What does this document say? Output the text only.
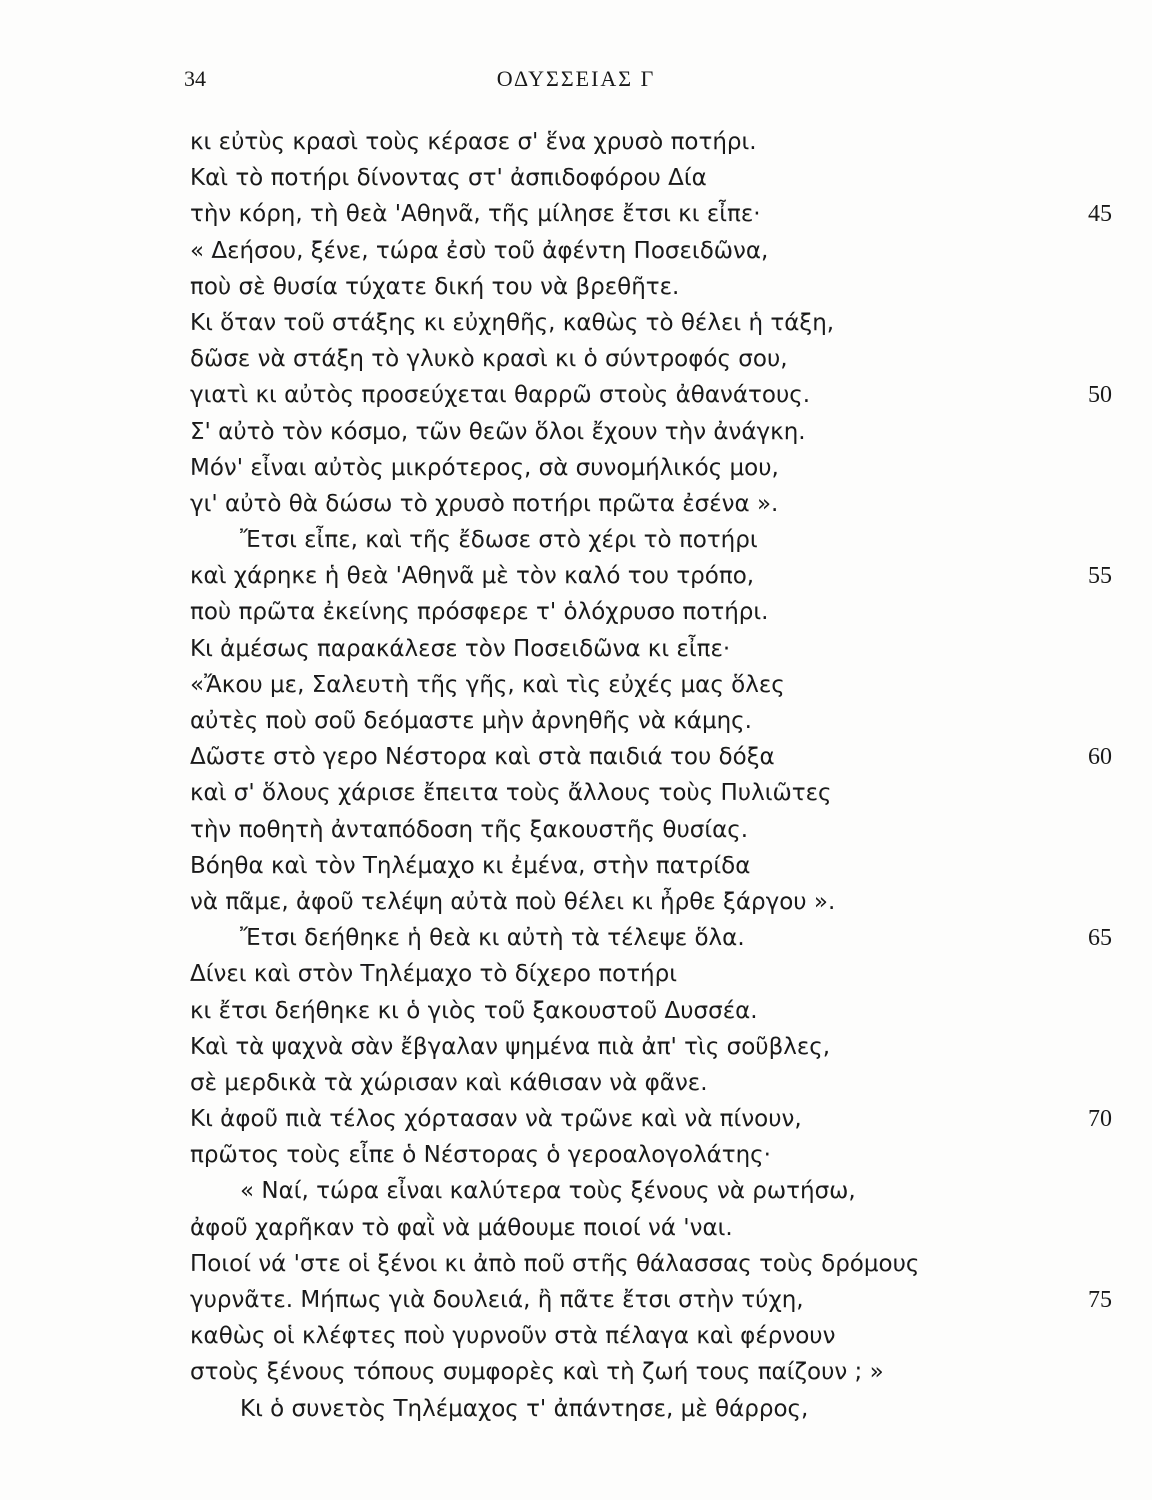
34	ΟΔΥΣΣΕΙΑΣ Γ
κι εὐτὺς κρασὶ τοὺς κέρασε σ' ἕνα χρυσὸ ποτήρι.
Καὶ τὸ ποτήρι δίνοντας στ' ἀσπιδοφόρου Δία
τὴν κόρη, τὴ θεὰ 'Αθηνᾶ, τῆς μίλησε ἔτσι κι εἶπε·	45
« Δεήσου, ξένε, τώρα ἐσὺ τοῦ ἀφέντη Ποσειδῶνα,
ποὺ σὲ θυσία τύχατε δική του νὰ βρεθῆτε.
Κι ὅταν τοῦ στάξης κι εὐχηθῆς, καθὼς τὸ θέλει ἡ τάξη,
δῶσε νὰ στάξη τὸ γλυκὸ κρασὶ κι ὁ σύντροφός σου,
γιατὶ κι αὐτὸς προσεύχεται θαρρῶ στοὺς ἀθανάτους.	50
Σ' αὐτὸ τὸν κόσμο, τῶν θεῶν ὅλοι ἔχουν τὴν ἀνάγκη.
Μόν' εἶναι αὐτὸς μικρότερος, σὰ συνομήλικός μου,
γι' αὐτὸ θὰ δώσω τὸ χρυσὸ ποτήρι πρῶτα ἐσένα ».
Ἔτσι εἶπε, καὶ τῆς ἔδωσε στὸ χέρι τὸ ποτήρι
καὶ χάρηκε ἡ θεὰ 'Αθηνᾶ μὲ τὸν καλό του τρόπο,	55
ποὺ πρῶτα ἐκείνης πρόσφερε τ' ὁλόχρυσο ποτήρι.
Κι ἀμέσως παρακάλεσε τὸν Ποσειδῶνα κι εἶπε·
«Ἄκου με, Σαλευτὴ τῆς γῆς, καὶ τὶς εὐχές μας ὅλες
αὐτὲς ποὺ σοῦ δεόμαστε μὴν ἀρνηθῆς νὰ κάμης.
Δῶστε στὸ γερο Νέστορα καὶ στὰ παιδιά του δόξα	60
καὶ σ' ὅλους χάρισε ἔπειτα τοὺς ἄλλους τοὺς Πυλιῶτες
τὴν ποθητὴ ἀνταπόδοση τῆς ξακουστῆς θυσίας.
Βόηθα καὶ τὸν Τηλέμαχο κι ἐμένα, στὴν πατρίδα
νὰ πᾶμε, ἀφοῦ τελέψη αὐτὰ ποὺ θέλει κι ἦρθε ξάργου ».
Ἔτσι δεήθηκε ἡ θεὰ κι αὐτὴ τὰ τέλεψε ὅλα.	65
Δίνει καὶ στὸν Τηλέμαχο τὸ δίχερο ποτήρι
κι ἔτσι δεήθηκε κι ὁ γιὸς τοῦ ξακουστοῦ Δυσσέα.
Καὶ τὰ ψαχνὰ σὰν ἔβγαλαν ψημένα πιὰ ἀπ' τὶς σοῦβλες,
σὲ μερδικὰ τὰ χώρισαν καὶ κάθισαν νὰ φᾶνε.
Κι ἀφοῦ πιὰ τέλος χόρτασαν νὰ τρῶνε καὶ νὰ πίνουν,	70
πρῶτος τοὺς εἶπε ὁ Νέστορας ὁ γεροαλογολάτης·
« Ναί, τώρα εἶναι καλύτερα τοὺς ξένους νὰ ρωτήσω,
ἀφοῦ χαρῆκαν τὸ φαῒ νὰ μάθουμε ποιοί νά 'ναι.
Ποιοί νά 'στε οἱ ξένοι κι ἀπὸ ποῦ στῆς θάλασσας τοὺς δρόμους
γυρνᾶτε. Μήπως γιὰ δουλειά, ἢ πᾶτε ἔτσι στὴν τύχη,	75
καθὼς οἱ κλέφτες ποὺ γυρνοῦν στὰ πέλαγα καὶ φέρνουν
στοὺς ξένους τόπους συμφορὲς καὶ τὴ ζωή τους παίζουν ; »
Κι ὁ συνετὸς Τηλέμαχος τ' ἀπάντησε, μὲ θάρρος,
